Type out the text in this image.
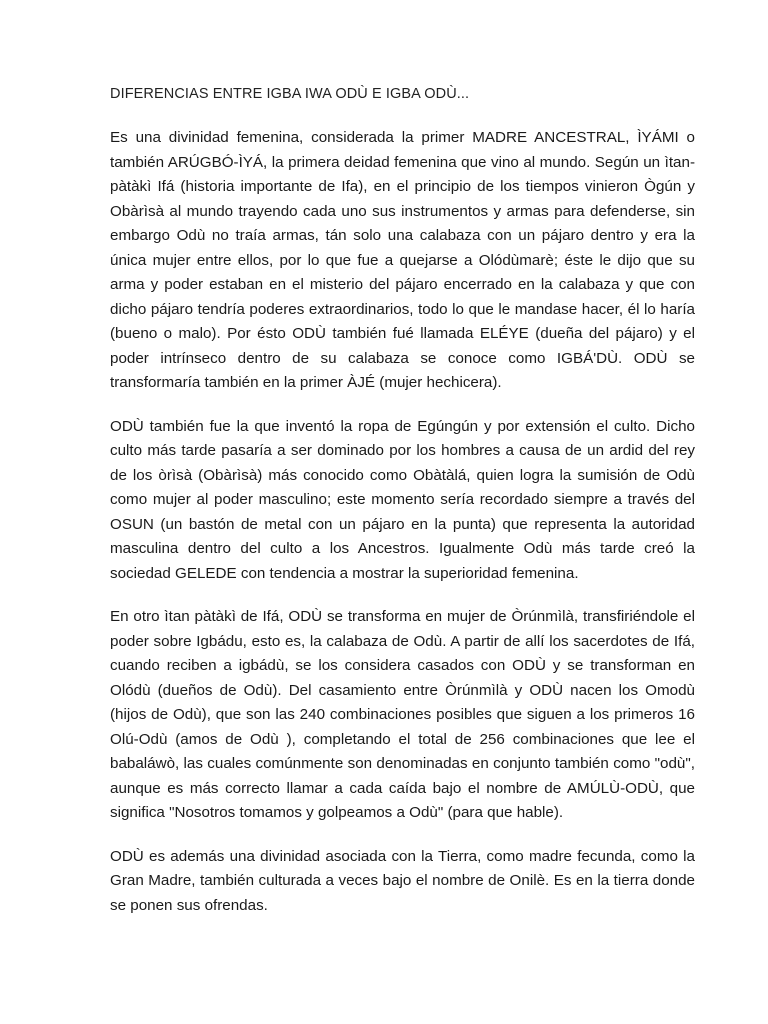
DIFERENCIAS ENTRE IGBA IWA ODÙ E IGBA ODÙ...

Es una divinidad femenina, considerada la primer MADRE ANCESTRAL, ÌYÁMI o también ARÚGBÓ-ÌYÁ, la primera deidad femenina que vino al mundo. Según un ìtan-pàtàkì Ifá (historia importante de Ifa), en el principio de los tiempos vinieron Ògún y Obàrìsà al mundo trayendo cada uno sus instrumentos y armas para defenderse, sin embargo Odù no traía armas, tán solo una calabaza con un pájaro dentro y era la única mujer entre ellos, por lo que fue a quejarse a Olódùmarè; éste le dijo que su arma y poder estaban en el misterio del pájaro encerrado en la calabaza y que con dicho pájaro tendría poderes extraordinarios, todo lo que le mandase hacer, él lo haría (bueno o malo). Por ésto ODÙ también fué llamada ELÉYE (dueña del pájaro) y el poder intrínseco dentro de su calabaza se conoce como IGBÁ'DÙ. ODÙ se transformaría también en la primer ÀJÉ (mujer hechicera).

ODÙ también fue la que inventó la ropa de Egúngún y por extensión el culto. Dicho culto más tarde pasaría a ser dominado por los hombres a causa de un ardid del rey de los òrìsà (Obàrìsà) más conocido como Obàtàlá, quien logra la sumisión de Odù como mujer al poder masculino; este momento sería recordado siempre a través del OSUN (un bastón de metal con un pájaro en la punta) que representa la autoridad masculina dentro del culto a los Ancestros. Igualmente Odù más tarde creó la sociedad GELEDE con tendencia a mostrar la superioridad femenina.

En otro ìtan pàtàkì de Ifá, ODÙ se transforma en mujer de Òrúnmìlà, transfiriéndole el poder sobre Igbádu, esto es, la calabaza de Odù. A partir de allí los sacerdotes de Ifá, cuando reciben a igbádù, se los considera casados con ODÙ y se transforman en Olódù (dueños de Odù). Del casamiento entre Òrúnmìlà y ODÙ nacen los Omodù (hijos de Odù), que son las 240 combinaciones posibles que siguen a los primeros 16 Olú-Odù (amos de Odù ), completando el total de 256 combinaciones que lee el babaláwò, las cuales comúnmente son denominadas en conjunto también como "odù", aunque es más correcto llamar a cada caída bajo el nombre de AMÚLÙ-ODÙ, que significa "Nosotros tomamos y golpeamos a Odù" (para que hable).

ODÙ es además una divinidad asociada con la Tierra, como madre fecunda, como la Gran Madre, también culturada a veces bajo el nombre de Onilè. Es en la tierra donde se ponen sus ofrendas.
